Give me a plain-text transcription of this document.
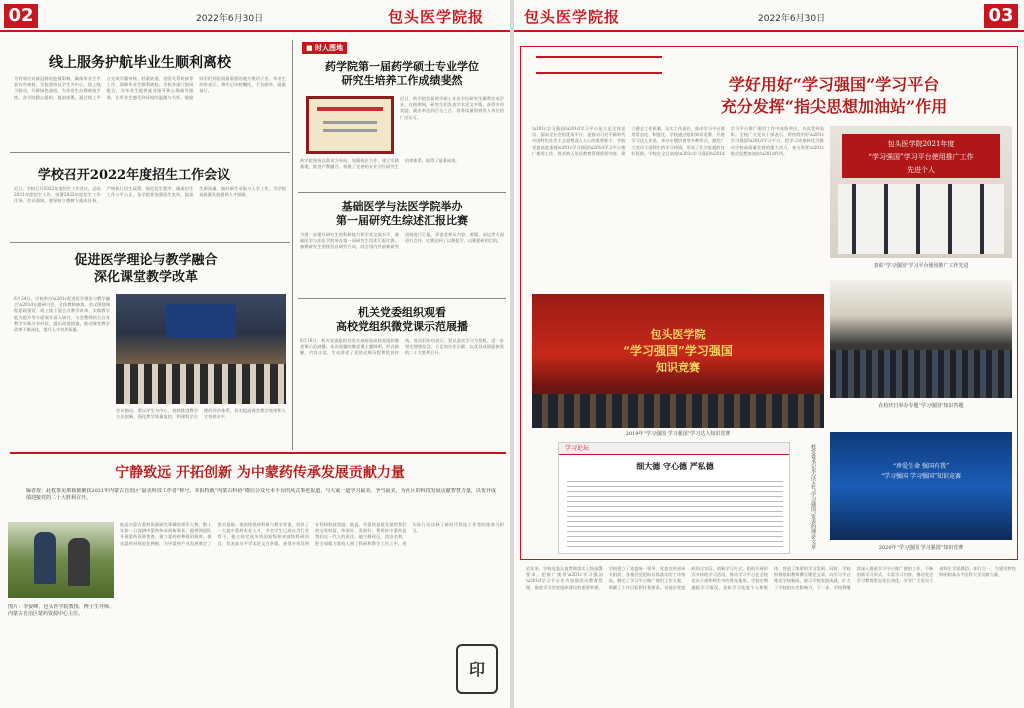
02	2022年6月30日	包头医学院报
线上服务护航毕业生顺利离校
为有效应对新冠肺炎疫情影响，确保毕业生平安有序离校，学校坚持以学生为中心，线上线下联动，开辟绿色通道，为毕业生办理离校手续。各学院精心组织，提前部署，通过线上平台完成学籍审核、档案转递、党团关系转接等工作，保障毕业生顺利离校。学校各部门协同配合，为毕业生提供就业指导和心理疏导服务，让毕业生感受到母校的温暖与关怀，鼓励同学们到祖国最需要的地方建功立业。毕业生纷纷表示，将牢记母校嘱托，不负韶华，砥砺前行。
学校召开2022年度招生工作会议
近日，学校召开2022年度招生工作会议，总结2021年度招生工作，部署2022年度招生工作任务。会议强调，要坚持立德树人根本任务，严格执行招生政策，规范招生程序，确保招生工作公平公正。各学院要加强招生宣传，提高生源质量，做好新生录取与入学工作，为学校高质量发展提供人才保障。
促进医学理论与教学融合
深化课堂教学改革
6月24日，学校举办\u201c促进医学理论与教学融合\u201d专题研讨会，全体教师参加。会议围绕课程思政建设、线上线下混合式教学改革、实践教学能力提升等方面展开深入研讨，与会教师结合自身教学实践分享经验，提出改进措施，推动课堂教学改革不断深化，提升人才培养质量。
会议指出，要以学生为中心，持续推进教学方法创新，强化教学质量监控，构建科学合理的评价体系，切实提高课堂教学效果和人才培养水平。
■ 时人图地
药学院第一届药学硕士专业学位
研究生培养工作成绩斐然
近日，药学院首届药学硕士专业学位研究生顺利完成学业。在校期间，研究生们发表学术论文多篇，获得多项奖励，就业率达到百分之百，培养质量得到用人单位的广泛认可。
药学院坚持以需求为导向，加强校企合作，建立实践基地，推进产教融合，构建了完善的专业学位研究生培养体系，取得了显著成效。
基础医学与法医学院举办
第一届研究生综述汇报比赛
为进一步提升研究生的科研能力和学术交流水平，基础医学与法医学院举办第一届研究生综述汇报比赛。参赛研究生围绕各自研究方向，结合国内外最新研究进展进行汇报，评委老师从内容、逻辑、表达等方面进行点评，比赛达到了以赛促学、以赛促研的目的。
机关党委组织观看
高校党组织微党课示范展播
6月16日，机关党委组织各党支部观看高校党组织微党课示范展播。本次展播的微党课主题鲜明、形式新颖、内容丰富，生动讲述了党的光辉历程和优良传统。党员们纷纷表示，要以此次学习为契机，进一步坚定理想信念，立足岗位作贡献，以优异成绩迎接党的二十大胜利召开。
宁静致远 开拓创新 为中蒙药传承发展贡献力量
编者按：此枚参见堪载被聚获2021年内蒙古自治区“最美科技工作者”称号，本报特载“内蒙古科协”微信公众号本平台的风式事迹报道，与大家一道学习最美、争当最美，为社区的科技发展贡献智慧力量，以优异成绩迎接党的二十大胜利召开。
图片：李晏峰，包头医学院教授、博士生导师。内蒙古自治区蒙药资源中心主任。
他是内蒙古蒙药资源研究领域的领军人物，数十年如一日深耕中蒙药传承创新事业。他带领团队开展蒙药资源普查，建立蒙药材种质资源库，推动蒙药材规范化种植，为中蒙药产业发展奠定了坚实基础。他始终坚持科研与教学并重，培养了一大批中蒙药专业人才，多名学生已成长为行业骨干。他主持完成多项国家级和省部级科研项目，发表高水平学术论文百余篇，获得多项发明专利和科技奖励。他说，中蒙药是祖先留给我们的宝贵财富，传承好、发展好、利用好中蒙药是我们这一代人的责任。他宁静致远，淡泊名利，把全部精力都投入到了科研和教学工作之中，用实际行动诠释了新时代科技工作者的使命与担当。
印
包头医学院报	2022年6月30日	03
学好用好“学习强国”学习平台
充分发挥“指尖思想加油站”作用
\u201c学习强国\u201d学习平台是立足全体党员、面向全社会的优质平台，是推动习近平新时代中国特色社会主义思想深入人心的重要抓手。学校党委高度重视\u201c学习强国\u201d学习平台推广使用工作，将其纳入党员教育管理重要内容，建立健全工作机制，压实工作责任，推动学习平台使用常态化、制度化。学校通过组织知识竞赛、开展学习达人评选、举办专题培训等多种形式，激发广大党员干部师生的学习热情，形成了比学赶超的良好氛围。学校在全区高校\u201c学习强国\u201d学习平台推广使用工作中成绩突出，多次受到表彰。全校广大党员干部表示，将持续用好\u201c学习强国\u201d学习平台，把学习成果转化为推动学校高质量发展的强大动力，充分发挥\u201c指尖思想加油站\u201d作用。
包头医学院2021年度
“学习强国”学习平台使用推广工作
先进个人
表彰“学习强国”学习平台使用推广工作先进
包头医学院
“学习强国”学习强国
知识竞赛
2019年“学习强国 学习强国”学习达人知识竞赛
在校庆日举办专题“学习强国”知识答题
学习论坛
细大德 守心德 严私德	校党委书记李汉宝在“学习强国”发表的理论文章	“珍爱生命 强国有我”
“学习强国 学习强国”知识竞赛
2020年“学习强国 学习强国”知识竞赛
近年来，学校党委认真贯彻落实上级部署要求，把推广使用\u201c学习强国\u201d学习平台作为加强党员教育管理、推进学习型党组织建设的重要举措。学校建立了党委统一领导、党委宣传部牵头组织、各基层党组织具体落实的工作格局，制定了学习平台推广使用工作方案，明确了工作目标和任务要求。各基层党组织结合实际，创新学习方式，组织开展形式多样的学习活动，推动学习平台在全校党员干部和师生中的普及使用。学校定期通报学习情况，表彰学习先进个人和集体，营造了浓厚的学习氛围。同时，学校积极组织教师撰写理论文章，向学习平台推送学校新闻，展示学校发展成就，扩大了学校的社会影响力。下一步，学校将继续深入推进学习平台推广使用工作，不断创新学习形式，丰富学习内容，推动党史学习教育常态化长效化，引导广大党员干部师生学思践悟、知行合一，为建设特色鲜明的高水平医科大学贡献力量。
